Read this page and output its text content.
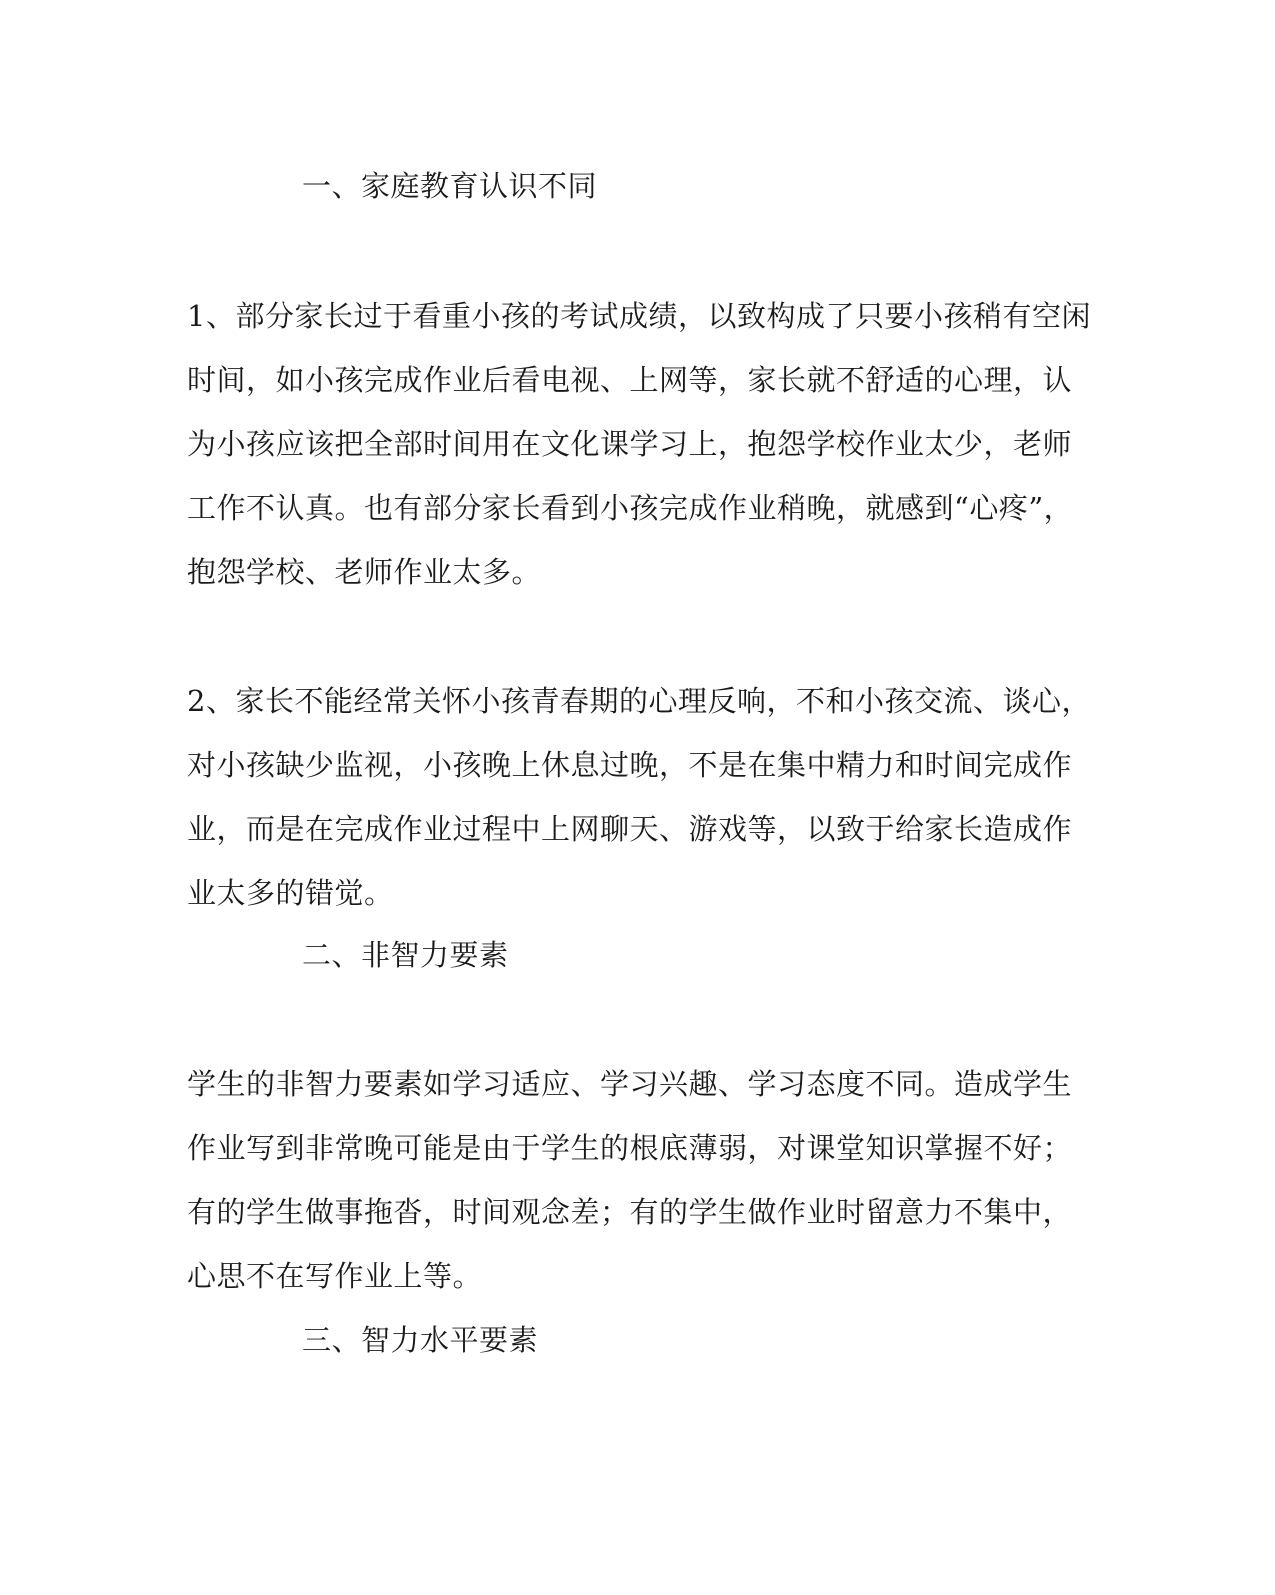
一、家庭教育认识不同
1、部分家长过于看重小孩的考试成绩，以致构成了只要小孩稍有空闲
时间，如小孩完成作业后看电视、上网等，家长就不舒适的心理，认
为小孩应该把全部时间用在文化课学习上，抱怨学校作业太少，老师
工作不认真。也有部分家长看到小孩完成作业稍晚，就感到“心疼”，
抱怨学校、老师作业太多。
2、家长不能经常关怀小孩青春期的心理反响，不和小孩交流、谈心，
对小孩缺少监视，小孩晚上休息过晚，不是在集中精力和时间完成作
业，而是在完成作业过程中上网聊天、游戏等，以致于给家长造成作
业太多的错觉。
二、非智力要素
学生的非智力要素如学习适应、学习兴趣、学习态度不同。造成学生
作业写到非常晚可能是由于学生的根底薄弱，对课堂知识掌握不好；
有的学生做事拖沓，时间观念差；有的学生做作业时留意力不集中，
心思不在写作业上等。
三、智力水平要素
